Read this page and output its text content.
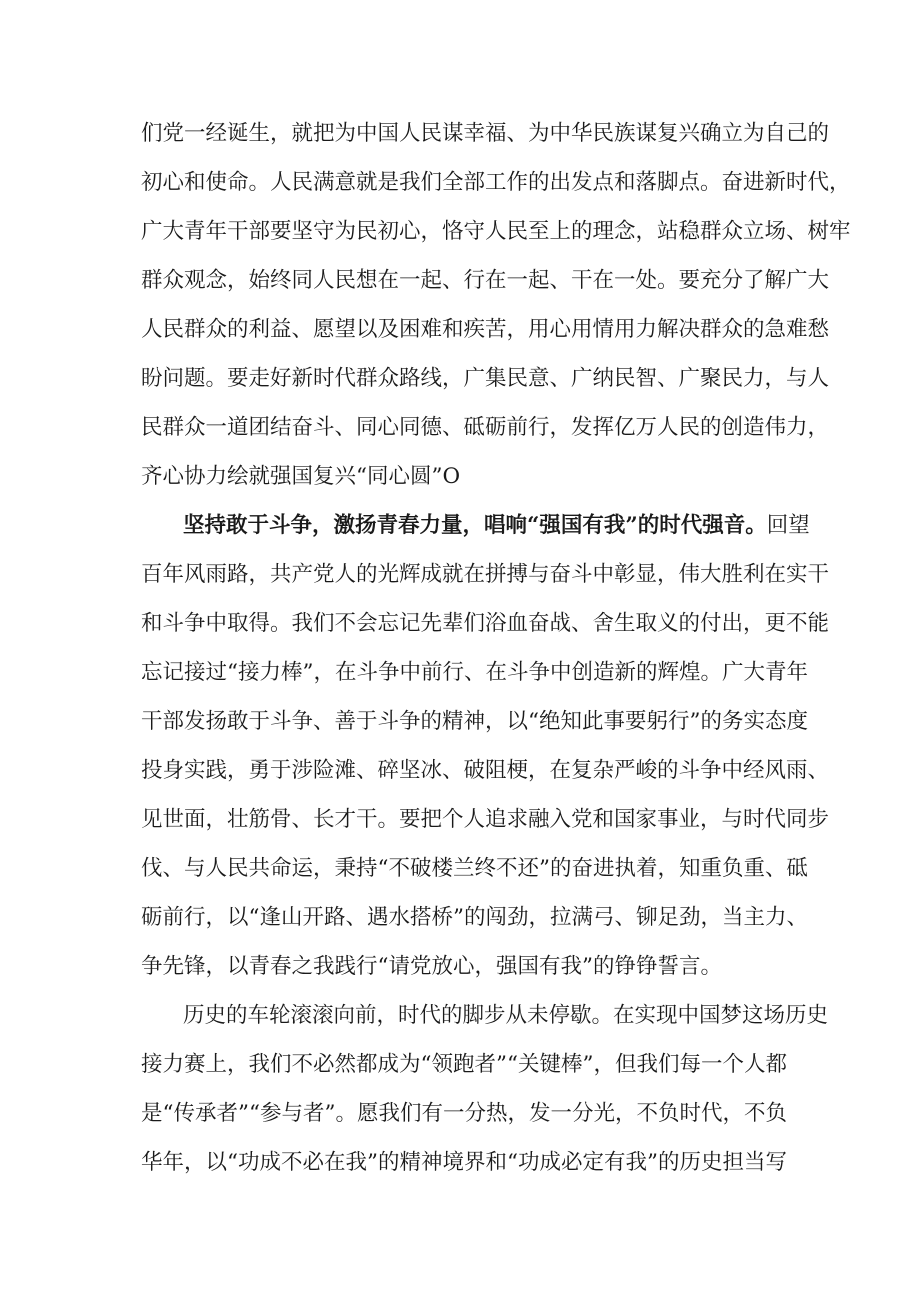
们党一经诞生，就把为中国人民谋幸福、为中华民族谋复兴确立为自己的
初心和使命。人民满意就是我们全部工作的出发点和落脚点。奋进新时代，
广大青年干部要坚守为民初心，恪守人民至上的理念，站稳群众立场、树牢
群众观念，始终同人民想在一起、行在一起、干在一处。要充分了解广大
人民群众的利益、愿望以及困难和疾苦，用心用情用力解决群众的急难愁
盼问题。要走好新时代群众路线，广集民意、广纳民智、广聚民力，与人
民群众一道团结奋斗、同心同德、砥砺前行，发挥亿万人民的创造伟力，
齐心协力绘就强国复兴“同心圆”O
坚持敢于斗争，激扬青春力量，唱响“强国有我”的时代强音。回望
百年风雨路，共产党人的光辉成就在拼搏与奋斗中彰显，伟大胜利在实干
和斗争中取得。我们不会忘记先辈们浴血奋战、舍生取义的付出，更不能
忘记接过“接力棒”，在斗争中前行、在斗争中创造新的辉煌。广大青年
干部发扬敢于斗争、善于斗争的精神，以“绝知此事要躬行”的务实态度
投身实践，勇于涉险滩、碎坚冰、破阻梗，在复杂严峻的斗争中经风雨、
见世面，壮筋骨、长才干。要把个人追求融入党和国家事业，与时代同步
伐、与人民共命运，秉持“不破楼兰终不还”的奋进执着，知重负重、砥
砺前行，以“逢山开路、遇水搭桥”的闯劲，拉满弓、铆足劲，当主力、
争先锋，以青春之我践行“请党放心，强国有我”的铮铮誓言。
历史的车轮滚滚向前，时代的脚步从未停歇。在实现中国梦这场历史
接力赛上，我们不必然都成为“领跑者”“关键棒”，但我们每一个人都
是“传承者”“参与者”。愿我们有一分热，发一分光，不负时代，不负
华年，以“功成不必在我”的精神境界和“功成必定有我”的历史担当写
